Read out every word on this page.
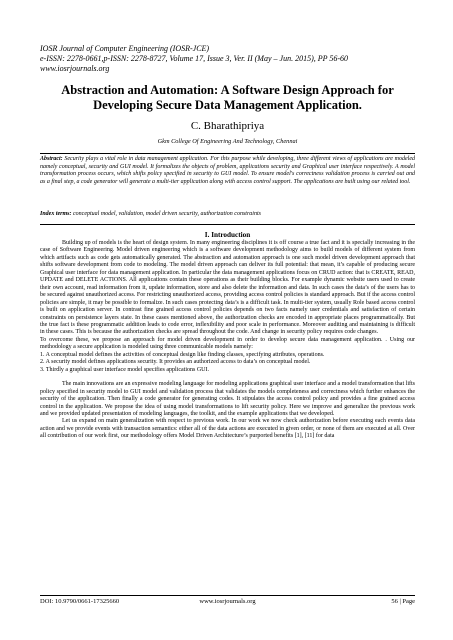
IOSR Journal of Computer Engineering (IOSR-JCE)
e-ISSN: 2278-0661,p-ISSN: 2278-8727, Volume 17, Issue 3, Ver. II (May – Jun. 2015), PP 56-60
www.iosrjournals.org
Abstraction and Automation: A Software Design Approach for Developing Secure Data Management Application.
C. Bharathipriya
Gkm College Of Engineering And Technology, Chennai
Abstract: Security plays a vital role in data management application. For this purpose while developing, three different views of applications are modeled namely conceptual, security and GUI model. It formalizes the objects of problem, applications security and Graphical user interface respectively. A model transformation process occurs, which shifts policy specified in security to GUI model. To ensure model's correctness validation process is carried out and as a final step, a code generator will generate a multi-tier application along with access control support. The applications are built using our related tool.
Index terms: conceptual model, validation, model driven security, authorization constraints
I. Introduction

Building up of models is the heart of design system. In many engineering disciplines it is off course a true fact and it is specially increasing in the case of Software Engineering. Model driven engineering which is a software development methodology aims to build models of different system from which artifacts such as code gets automatically generated. The abstraction and automation approach is one such model driven development approach that shifts software development from code to modeling. The model driven approach can deliver its full potential: that mean, it’s capable of producing secure Graphical user interface for data management application. In particular the data management applications focus on CRUD action: that is CREATE, READ, UPDATE and DELETE ACTIONS. All applications contain these operations as their building blocks. For example dynamic website users used to create their own account, read information from it, update information, store and also delete the information and data. In such cases the data’s of the users has to be secured against unauthorized access. For restricting unauthorized access, providing access control policies is standard approach. But if the access control policies are simple, it may be possible to formalize. In such cases protecting data’s is a difficult task. In multi-tier system, usually Role based access control is built on application server. In contrast fine grained access control policies depends on two facts namely user credentials and satisfaction of certain constraints on persistence layers state. In these cases mentioned above, the authorization checks are encoded in appropriate places programmatically. But the true fact is these programmatic addition leads to code error, inflexibility and poor scale in performance. Moreover auditing and maintaining is difficult in these cases. This is because the authorization checks are spread throughout the code. And change in security policy requires code changes.

To overcome these, we propose an approach for model driven development in order to develop secure data management application. . Using our methodology a secure application is modeled using three communicable models namely:

1. A conceptual model defines the activities of conceptual design like finding classes, specifying attributes, operations.

2. A security model defines applications security. It provides an authorized access to data’s on conceptual model.

3. Thirdly a graphical user interface model specifies applications GUI.

The main innovations are an expressive modeling language for modeling applications graphical user interface and a model transformation that lifts policy specified in security model to GUI model and validation process that validates the models completeness and correctness which further enhances the security of the application. Then finally a code generator for generating codes. It stipulates the access control policy and provides a fine grained access control in the application. We propose the idea of using model transformations to lift security policy. Here we improve and generalize the previous work and we provided updated presentation of modeling languages, the toolkit, and the example applications that we developed.

Let us expand on main generalization with respect to previous work. In our work we now check authorization before executing each events data action and we provide events with transaction semantics: either all of the data actions are executed in given order, or none of them are executed at all. Over all contribution of our work first, our methodology offers Model Driven Architecture’s purported benefits [1], [11] for data

DOI: 10.9790/0661-17325660	www.iosrjournals.org	56 | Page
